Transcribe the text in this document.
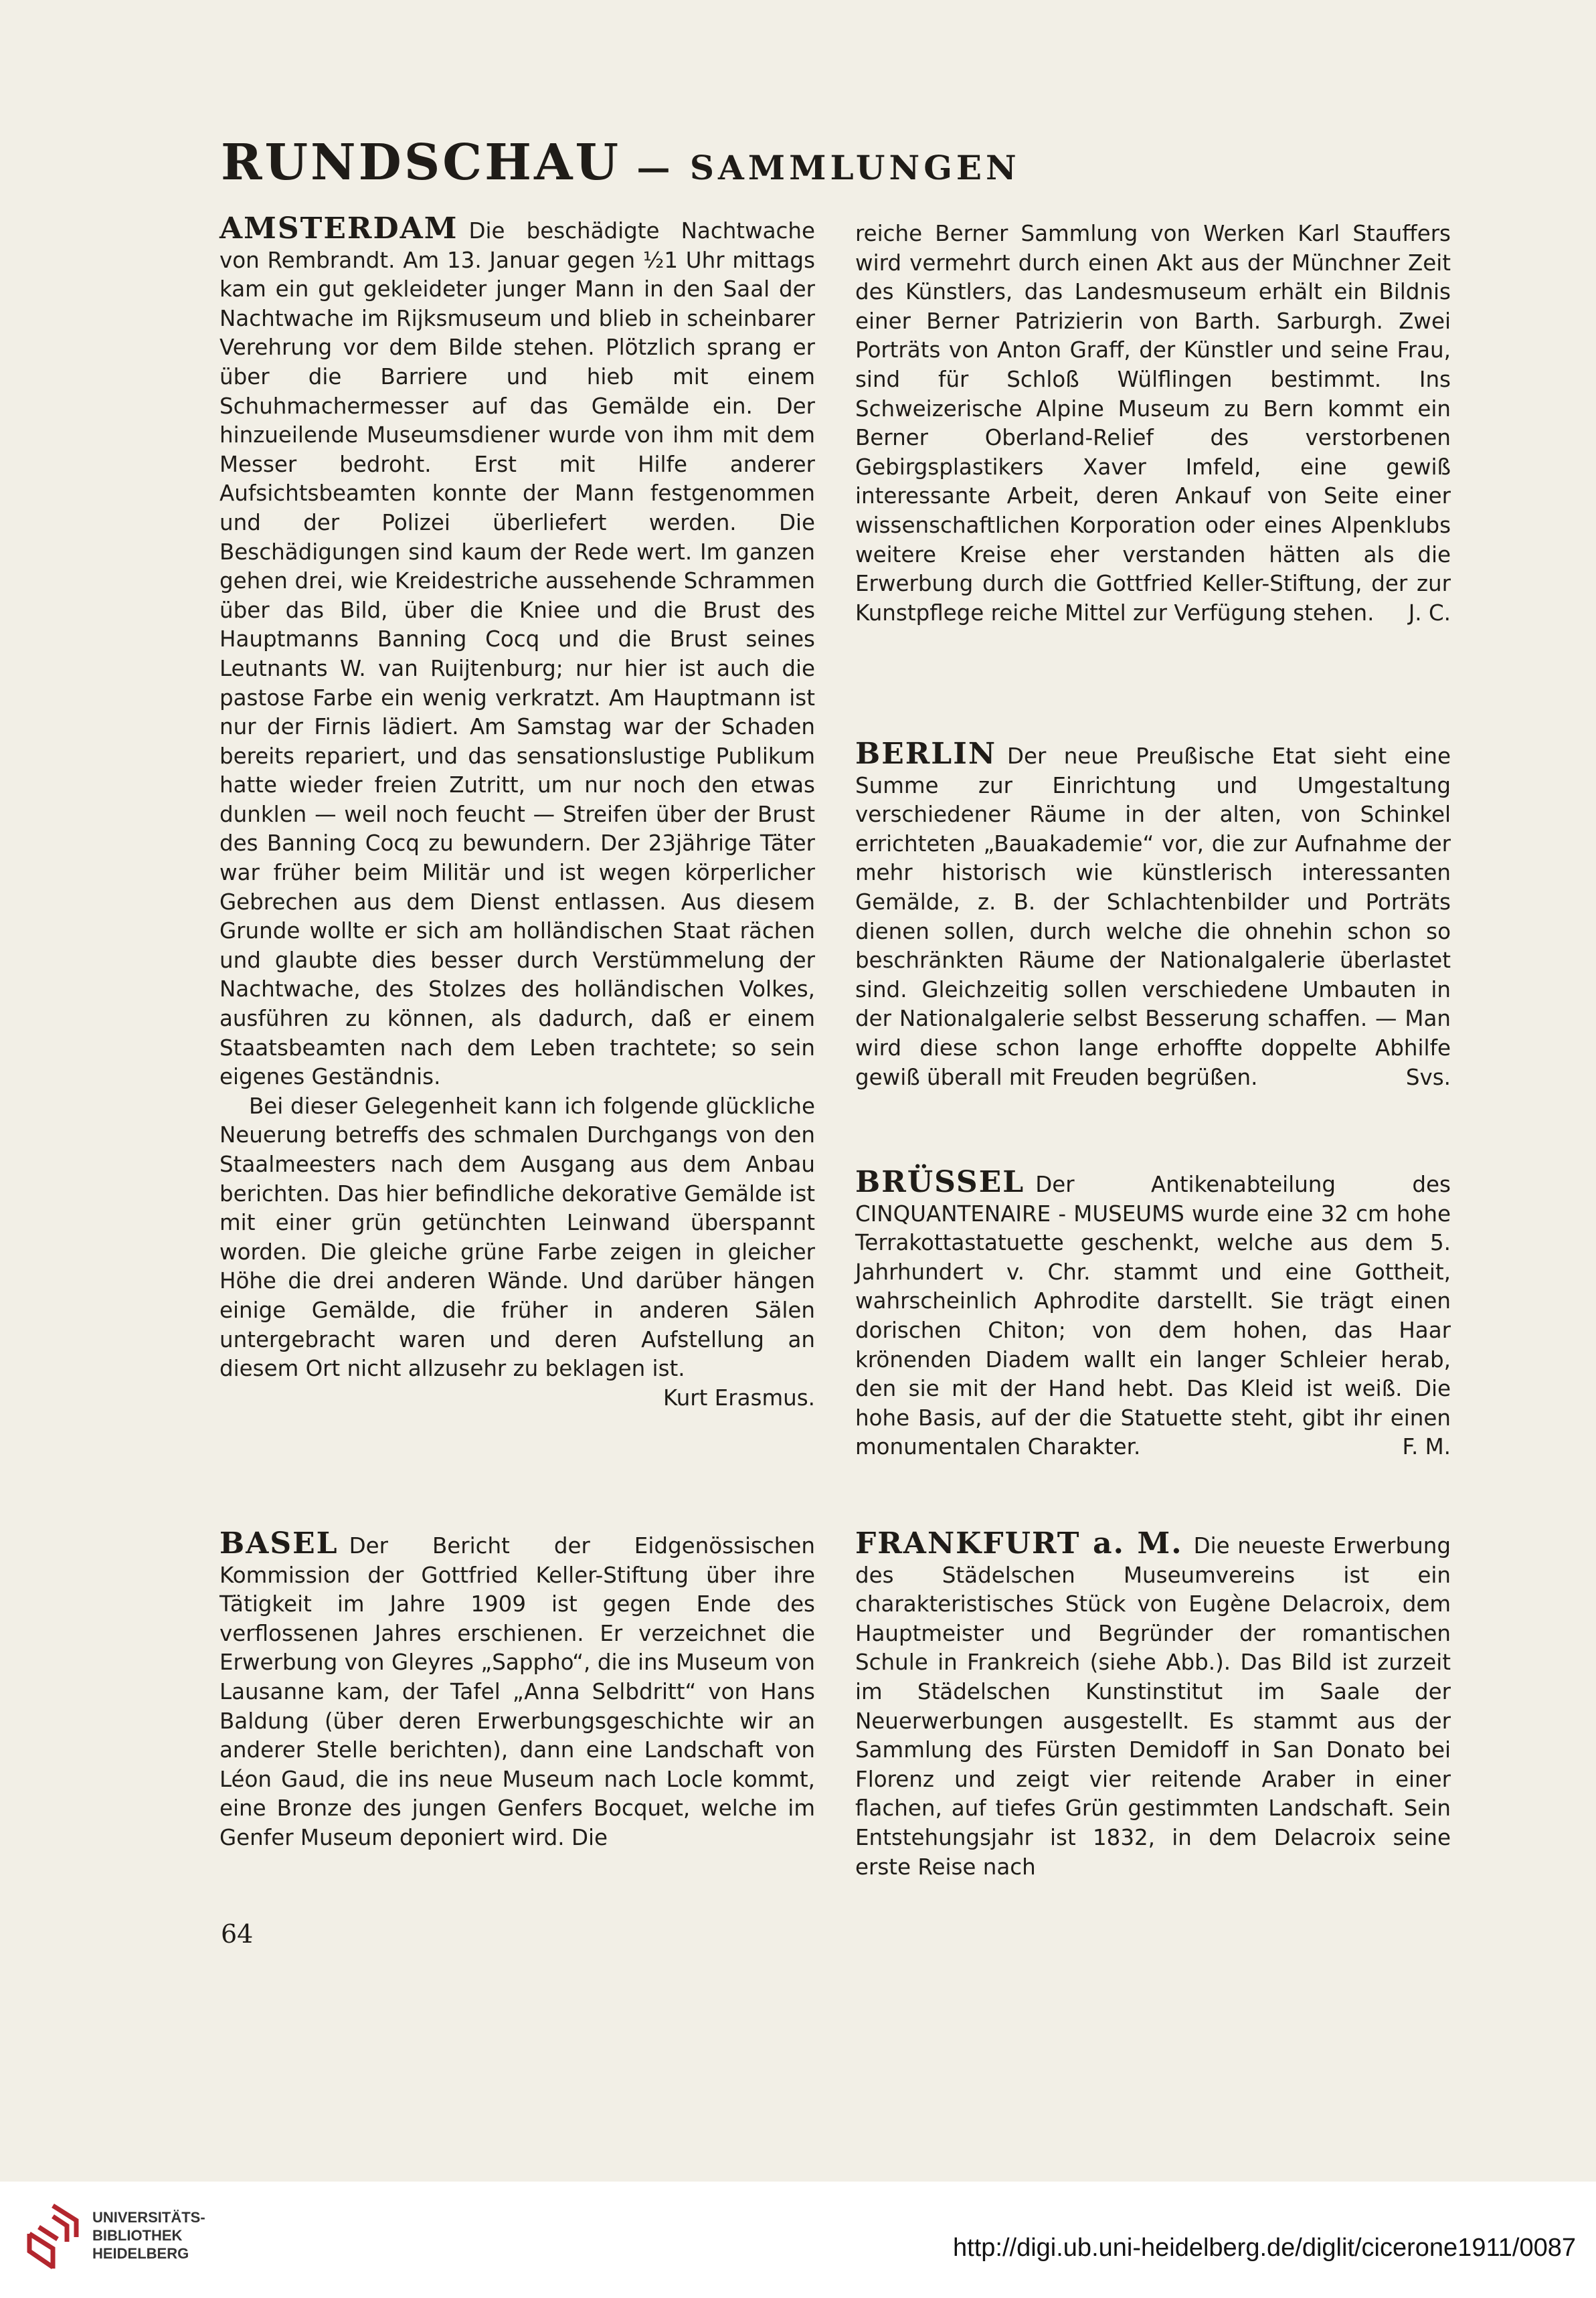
RUNDSCHAU — SAMMLUNGEN

AMSTERDAM Die beschädigte Nachtwache von Rembrandt. Am 13. Januar gegen ½1 Uhr mittags kam ein gut gekleideter junger Mann in den Saal der Nachtwache im Rijksmuseum und blieb in scheinbarer Verehrung vor dem Bilde stehen. Plötzlich sprang er über die Barriere und hieb mit einem Schuhmachermesser auf das Gemälde ein. Der hinzueilende Museumsdiener wurde von ihm mit dem Messer bedroht. Erst mit Hilfe anderer Aufsichtsbeamten konnte der Mann festgenommen und der Polizei überliefert werden. Die Beschädigungen sind kaum der Rede wert. Im ganzen gehen drei, wie Kreidestriche aussehende Schrammen über das Bild, über die Kniee und die Brust des Hauptmanns Banning Cocq und die Brust seines Leutnants W. van Ruijtenburg; nur hier ist auch die pastose Farbe ein wenig verkratzt. Am Hauptmann ist nur der Firnis lädiert. Am Samstag war der Schaden bereits repariert, und das sensationslustige Publikum hatte wieder freien Zutritt, um nur noch den etwas dunklen — weil noch feucht — Streifen über der Brust des Banning Cocq zu bewundern. Der 23jährige Täter war früher beim Militär und ist wegen körperlicher Gebrechen aus dem Dienst entlassen. Aus diesem Grunde wollte er sich am holländischen Staat rächen und glaubte dies besser durch Verstümmelung der Nachtwache, des Stolzes des holländischen Volkes, ausführen zu können, als dadurch, daß er einem Staatsbeamten nach dem Leben trachtete; so sein eigenes Geständnis.

Bei dieser Gelegenheit kann ich folgende glückliche Neuerung betreffs des schmalen Durchgangs von den Staalmeesters nach dem Ausgang aus dem Anbau berichten. Das hier befindliche dekorative Gemälde ist mit einer grün getünchten Leinwand überspannt worden. Die gleiche grüne Farbe zeigen in gleicher Höhe die drei anderen Wände. Und darüber hängen einige Gemälde, die früher in anderen Sälen untergebracht waren und deren Aufstellung an diesem Ort nicht allzusehr zu beklagen ist.
Kurt Erasmus.

BASEL Der Bericht der Eidgenössischen Kommission der Gottfried Keller-Stiftung über ihre Tätigkeit im Jahre 1909 ist gegen Ende des verflossenen Jahres erschienen. Er verzeichnet die Erwerbung von Gleyres „Sappho“, die ins Museum von Lausanne kam, der Tafel „Anna Selbdritt“ von Hans Baldung (über deren Erwerbungsgeschichte wir an anderer Stelle berichten), dann eine Landschaft von Léon Gaud, die ins neue Museum nach Locle kommt, eine Bronze des jungen Genfers Bocquet, welche im Genfer Museum deponiert wird. Die

reiche Berner Sammlung von Werken Karl Stauffers wird vermehrt durch einen Akt aus der Münchner Zeit des Künstlers, das Landesmuseum erhält ein Bildnis einer Berner Patrizierin von Barth. Sarburgh. Zwei Porträts von Anton Graff, der Künstler und seine Frau, sind für Schloß Wülflingen bestimmt. Ins Schweizerische Alpine Museum zu Bern kommt ein Berner Oberland-Relief des verstorbenen Gebirgsplastikers Xaver Imfeld, eine gewiß interessante Arbeit, deren Ankauf von Seite einer wissenschaftlichen Korporation oder eines Alpenklubs weitere Kreise eher verstanden hätten als die Erwerbung durch die Gottfried Keller-Stiftung, der zur Kunstpflege reiche Mittel zur Verfügung stehen. J. C.

BERLIN Der neue Preußische Etat sieht eine Summe zur Einrichtung und Umgestaltung verschiedener Räume in der alten, von Schinkel errichteten „Bauakademie“ vor, die zur Aufnahme der mehr historisch wie künstlerisch interessanten Gemälde, z. B. der Schlachtenbilder und Porträts dienen sollen, durch welche die ohnehin schon so beschränkten Räume der Nationalgalerie überlastet sind. Gleichzeitig sollen verschiedene Umbauten in der Nationalgalerie selbst Besserung schaffen. — Man wird diese schon lange erhoffte doppelte Abhilfe gewiß überall mit Freuden begrüßen.	Svs.

BRÜSSEL Der Antikenabteilung des CINQUANTENAIRE - MUSEUMS wurde eine 32 cm hohe Terrakottastatuette geschenkt, welche aus dem 5. Jahrhundert v. Chr. stammt und eine Gottheit, wahrscheinlich Aphrodite darstellt. Sie trägt einen dorischen Chiton; von dem hohen, das Haar krönenden Diadem wallt ein langer Schleier herab, den sie mit der Hand hebt. Das Kleid ist weiß. Die hohe Basis, auf der die Statuette steht, gibt ihr einen monumentalen Charakter.	F. M.

FRANKFURT a. M. Die neueste Erwerbung des Städelschen Museumvereins ist ein charakteristisches Stück von Eugène Delacroix, dem Hauptmeister und Begründer der romantischen Schule in Frankreich (siehe Abb.). Das Bild ist zurzeit im Städelschen Kunstinstitut im Saale der Neuerwerbungen ausgestellt. Es stammt aus der Sammlung des Fürsten Demidoff in San Donato bei Florenz und zeigt vier reitende Araber in einer flachen, auf tiefes Grün gestimmten Landschaft. Sein Entstehungsjahr ist 1832, in dem Delacroix seine erste Reise nach

64
UNIVERSITÄTS-
BIBLIOTHEK
HEIDELBERG	http://digi.ub.uni-heidelberg.de/diglit/cicerone1911/0087
